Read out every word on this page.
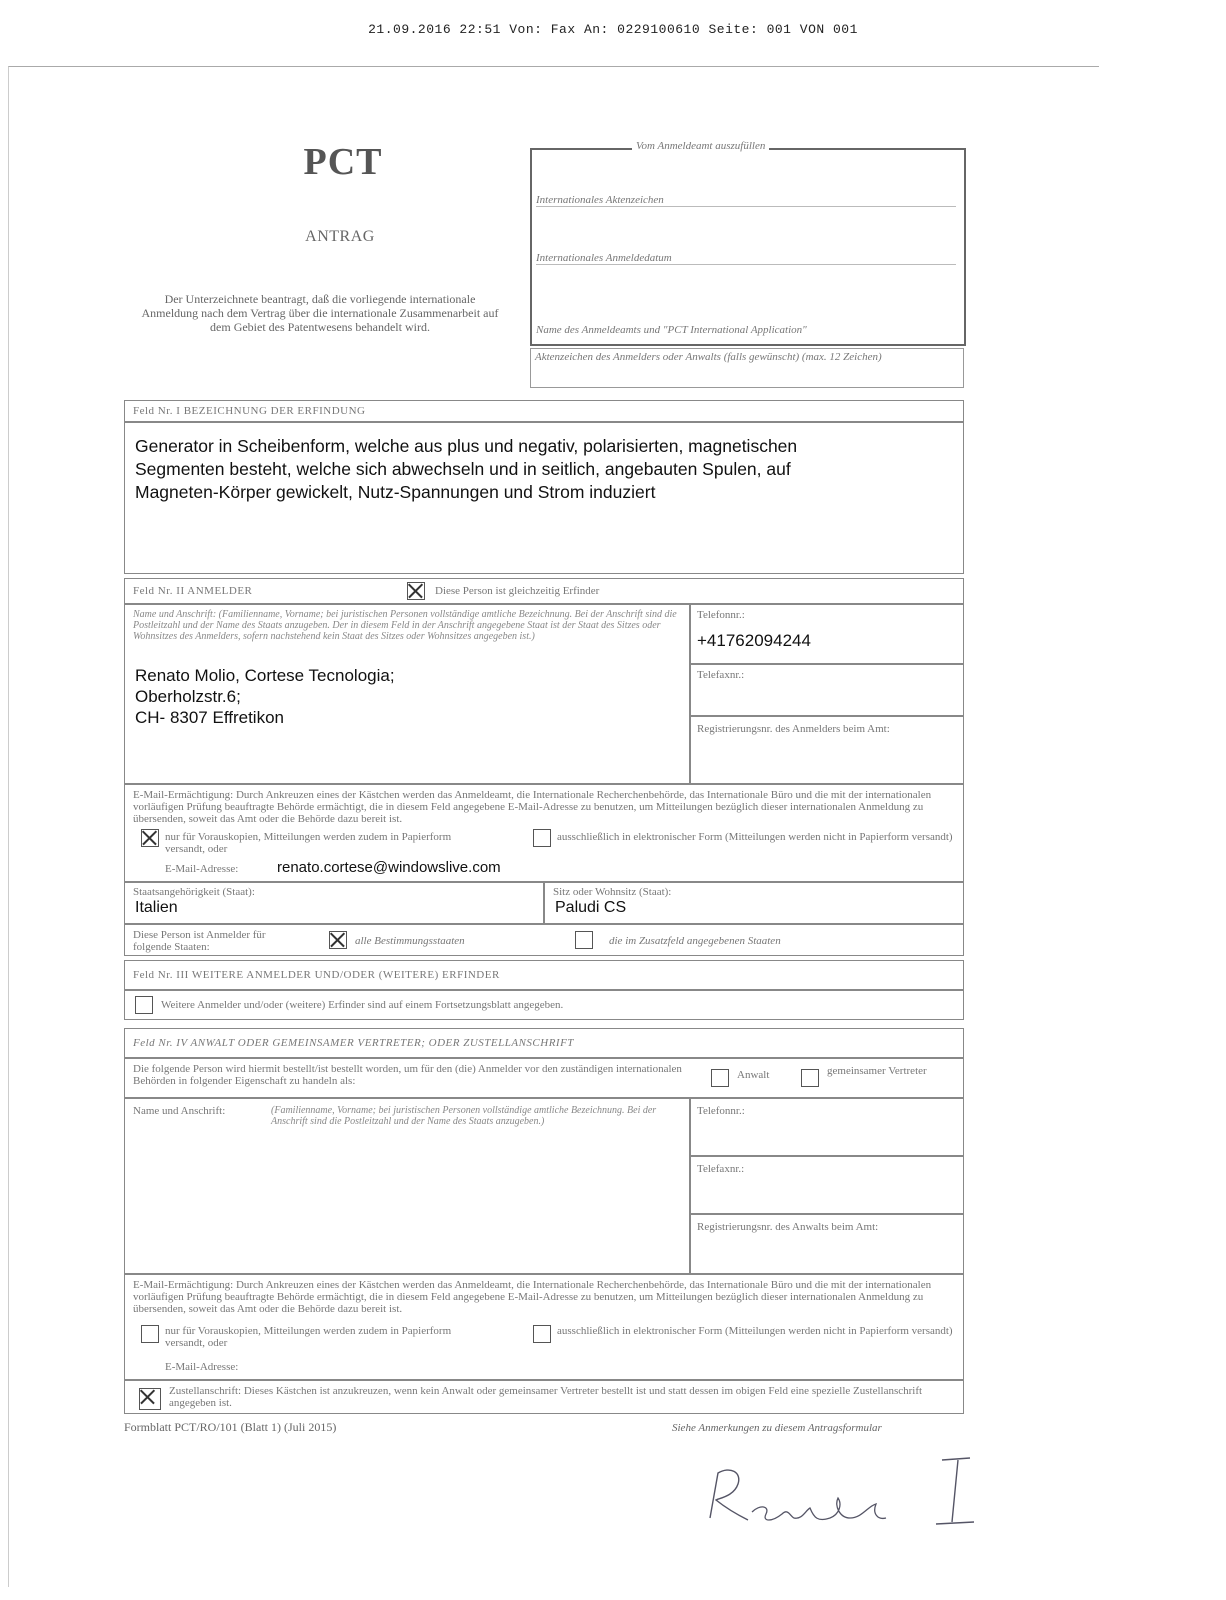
21.09.2016 22:51 Von: Fax An: 0229100610 Seite: 001 VON 001
PCT
ANTRAG
Der Unterzeichnete beantragt, daß die vorliegende internationale Anmeldung nach dem Vertrag über die internationale Zusammenarbeit auf dem Gebiet des Patentwesens behandelt wird.
Vom Anmeldeamt auszufüllen
Internationales Aktenzeichen
Internationales Anmeldedatum
Name des Anmeldeamts und "PCT International Application"
Aktenzeichen des Anmelders oder Anwalts (falls gewünscht) (max. 12 Zeichen)
Feld Nr. I BEZEICHNUNG DER ERFINDUNG
Generator in Scheibenform, welche aus plus und negativ, polarisierten, magnetischen
Segmenten besteht, welche sich abwechseln und in seitlich, angebauten Spulen, auf
Magneten-Körper gewickelt, Nutz-Spannungen und Strom induziert
Feld Nr. II ANMELDER	Diese Person ist gleichzeitig Erfinder
Name und Anschrift: (Familienname, Vorname; bei juristischen Personen vollständige amtliche Bezeichnung. Bei der Anschrift sind die Postleitzahl und der Name des Staats anzugeben. Der in diesem Feld in der Anschrift angegebene Staat ist der Staat des Sitzes oder Wohnsitzes des Anmelders, sofern nachstehend kein Staat des Sitzes oder Wohnsitzes angegeben ist.)
Renato Molio, Cortese Tecnologia;
Oberholzstr.6;
CH- 8307 Effretikon
Telefonnr.:
+41762094244
Telefaxnr.:
Registrierungsnr. des Anmelders beim Amt:
E-Mail-Ermächtigung: Durch Ankreuzen eines der Kästchen werden das Anmeldeamt, die Internationale Recherchenbehörde, das Internationale Büro und die mit der internationalen vorläufigen Prüfung beauftragte Behörde ermächtigt, die in diesem Feld angegebene E-Mail-Adresse zu benutzen, um Mitteilungen bezüglich dieser internationalen Anmeldung zu übersenden, soweit das Amt oder die Behörde dazu bereit ist.
nur für Vorauskopien, Mitteilungen werden zudem in Papierform versandt, oder
ausschließlich in elektronischer Form (Mitteilungen werden nicht in Papierform versandt)
E-Mail-Adresse:	renato.cortese@windowslive.com
Staatsangehörigkeit (Staat):
Italien
Sitz oder Wohnsitz (Staat):
Paludi CS
Diese Person ist Anmelder für folgende Staaten:	alle Bestimmungsstaaten	die im Zusatzfeld angegebenen Staaten
Feld Nr. III WEITERE ANMELDER UND/ODER (WEITERE) ERFINDER
Weitere Anmelder und/oder (weitere) Erfinder sind auf einem Fortsetzungsblatt angegeben.
Feld Nr. IV ANWALT ODER GEMEINSAMER VERTRETER; ODER ZUSTELLANSCHRIFT
Die folgende Person wird hiermit bestellt/ist bestellt worden, um für den (die) Anmelder vor den zuständigen internationalen Behörden in folgender Eigenschaft zu handeln als:	Anwalt	gemeinsamer Vertreter
Name und Anschrift:	(Familienname, Vorname; bei juristischen Personen vollständige amtliche Bezeichnung. Bei der Anschrift sind die Postleitzahl und der Name des Staats anzugeben.)
Telefonnr.:
Telefaxnr.:
Registrierungsnr. des Anwalts beim Amt:
E-Mail-Ermächtigung: Durch Ankreuzen eines der Kästchen werden das Anmeldeamt, die Internationale Recherchenbehörde, das Internationale Büro und die mit der internationalen vorläufigen Prüfung beauftragte Behörde ermächtigt, die in diesem Feld angegebene E-Mail-Adresse zu benutzen, um Mitteilungen bezüglich dieser internationalen Anmeldung zu übersenden, soweit das Amt oder die Behörde dazu bereit ist.
nur für Vorauskopien, Mitteilungen werden zudem in Papierform versandt, oder
ausschließlich in elektronischer Form (Mitteilungen werden nicht in Papierform versandt)
E-Mail-Adresse:
Zustellanschrift: Dieses Kästchen ist anzukreuzen, wenn kein Anwalt oder gemeinsamer Vertreter bestellt ist und statt dessen im obigen Feld eine spezielle Zustellanschrift angegeben ist.
Formblatt PCT/RO/101 (Blatt 1) (Juli 2015)	Siehe Anmerkungen zu diesem Antragsformular
